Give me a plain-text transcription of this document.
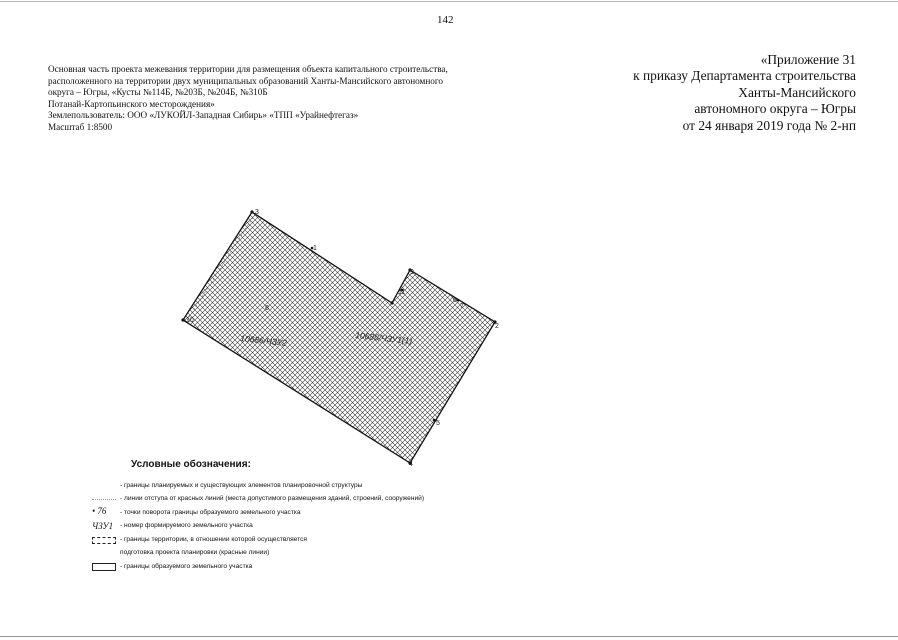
142
Основная часть проекта межевания территории для размещения объекта капитального строительства,
расположенного на территории двух муниципальных образований Ханты-Мансийского автономного
округа – Югры, «Кусты №114Б, №203Б, №204Б, №310Б
Потанай-Картопьинского месторождения»
Землепользователь: ООО «ЛУКОЙЛ-Западная Сибирь» «ТПП «Урайнефтегаз»
Масштаб 1:8500
«Приложение 31
к приказу Департамента строительства
Ханты-Мансийского
автономного округа – Югры
от 24 января 2019 года № 2-нп
3
1
9
11
6
7
8
10
2
5
4
10686/ЧЗУ2	10686/ЧЗУ1(1)
Условные обозначения:
- границы планируемых и существующих элементов планировочной структуры
- линии отступа от красных линий (места допустимого размещения зданий, строений, сооружений)
• 76 - точки поворота границы образуемого земельного участка
ЧЗУ1 - номер формируемого земельного участка
- границы территории, в отношении которой осуществляется
подготовка проекта планировки (красные линии)
- границы образуемого земельного участка
